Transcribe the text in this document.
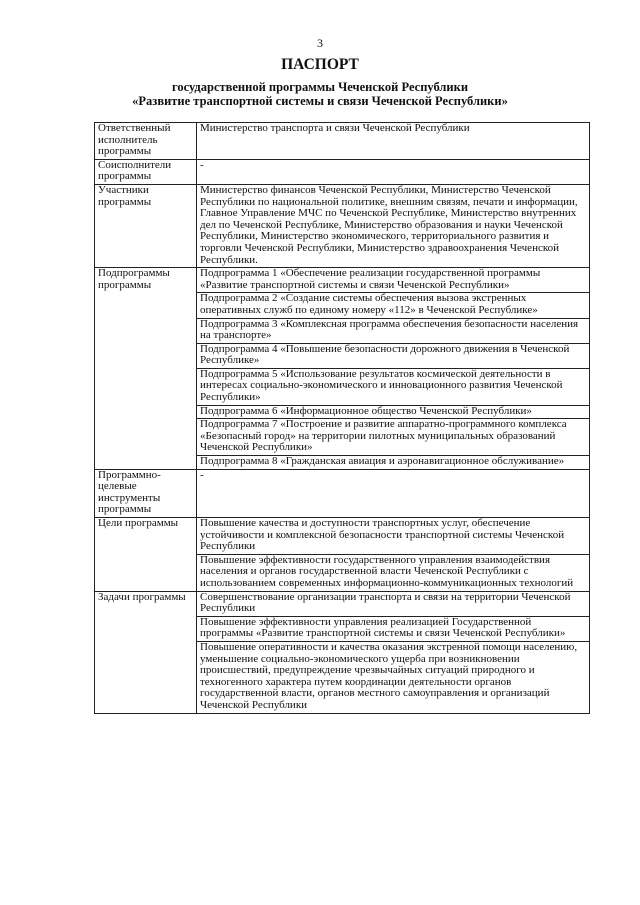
3
ПАСПОРТ
государственной программы Чеченской Республики
«Развитие транспортной системы и связи Чеченской Республики»
Ответственный исполнитель программы	Министерство транспорта и связи Чеченской Республики
Соисполнители программы	-
Участники программы	Министерство финансов Чеченской Республики, Министерство Чеченской Республики по национальной политике, внешним связям, печати и информации, Главное Управление МЧС по Чеченской Республике, Министерство внутренних дел по Чеченской Республике, Министерство образования и науки Чеченской Республики, Министерство экономического, территориального развития и торговли Чеченской Республики, Министерство здравоохранения Чеченской Республики.
Подпрограммы программы	Подпрограмма 1 «Обеспечение реализации государственной программы «Развитие транспортной системы и связи Чеченской Республики»
	Подпрограмма 2 «Создание системы обеспечения вызова экстренных оперативных служб по единому номеру «112» в Чеченской Республике»
	Подпрограмма 3 «Комплексная программа обеспечения безопасности населения на транспорте»
	Подпрограмма 4 «Повышение безопасности дорожного движения в Чеченской Республике»
	Подпрограмма 5 «Использование результатов космической деятельности в интересах социально-экономического и инновационного развития Чеченской Республики»
	Подпрограмма 6 «Информационное общество Чеченской Республики»
	Подпрограмма 7 «Построение и развитие аппаратно-программного комплекса «Безопасный город» на территории пилотных муниципальных образований Чеченской Республики»
	Подпрограмма 8 «Гражданская авиация и аэронавигационное обслуживание»
Программно-целевые инструменты программы	-
Цели программы	Повышение качества и доступности транспортных услуг, обеспечение устойчивости и комплексной безопасности транспортной системы Чеченской Республики
	Повышение эффективности государственного управления взаимодействия населения и органов государственной власти Чеченской Республики с использованием современных информационно-коммуникационных технологий
Задачи программы	Совершенствование организации транспорта и связи на территории Чеченской Республики
	Повышение эффективности управления реализацией Государственной программы «Развитие транспортной системы и связи Чеченской Республики»
	Повышение оперативности и качества оказания экстренной помощи населению, уменьшение социально-экономического ущерба при возникновении происшествий, предупреждение чрезвычайных ситуаций природного и техногенного характера путем координации деятельности органов государственной власти, органов местного самоуправления и организаций Чеченской Республики
